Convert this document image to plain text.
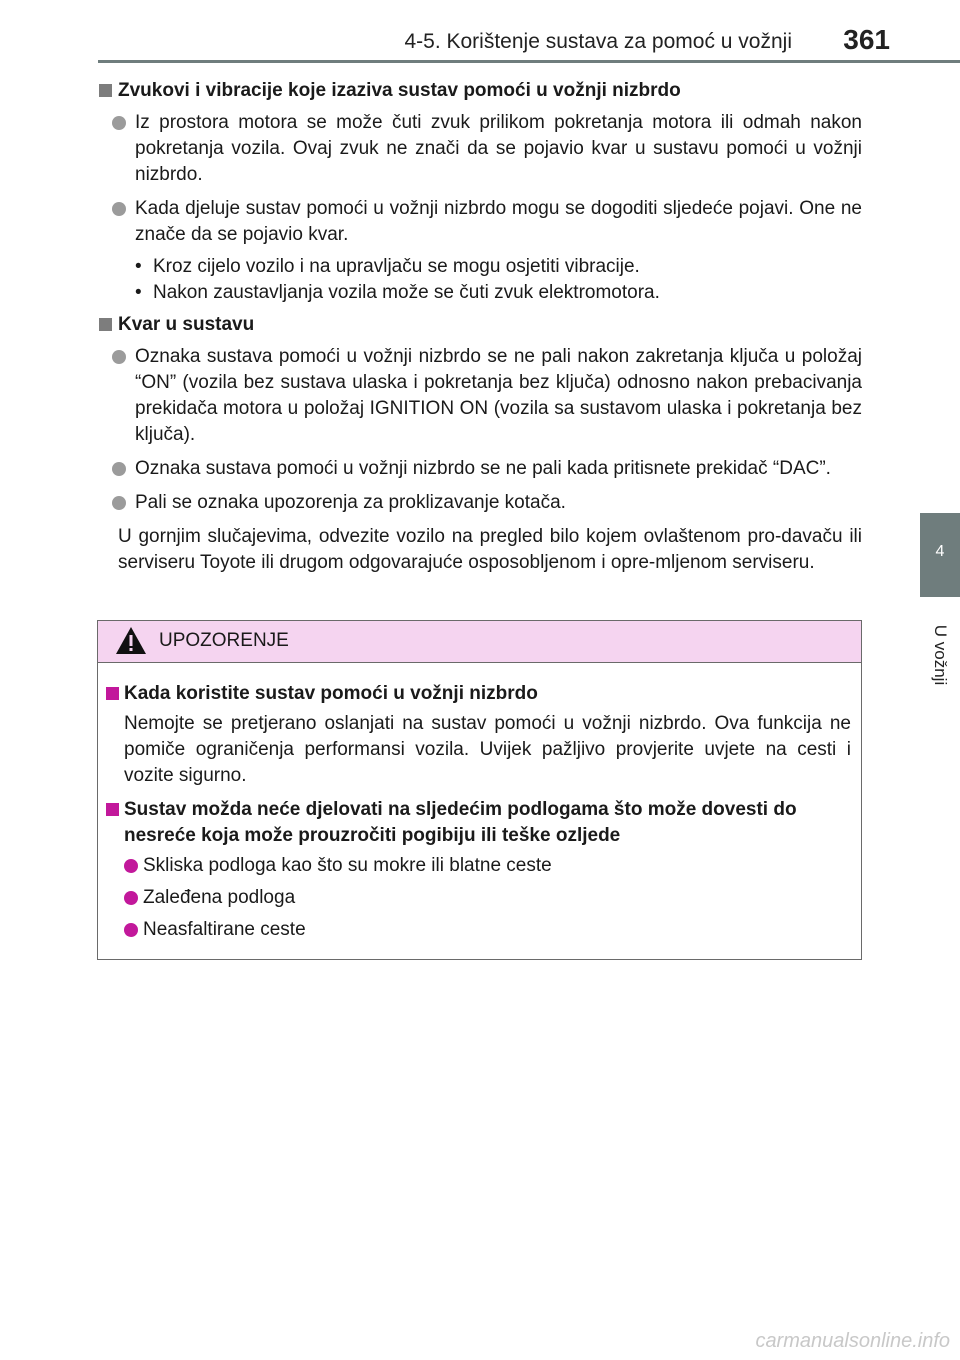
4-5. Korištenje sustava za pomoć u vožnji 361
4
U vožnji
Zvukovi i vibracije koje izaziva sustav pomoći u vožnji nizbrdo
Iz prostora motora se može čuti zvuk prilikom pokretanja motora ili odmah nakon pokretanja vozila. Ovaj zvuk ne znači da se pojavio kvar u sustavu pomoći u vožnji nizbrdo.
Kada djeluje sustav pomoći u vožnji nizbrdo mogu se dogoditi sljedeće pojavi. One ne znače da se pojavio kvar.
• Kroz cijelo vozilo i na upravljaču se mogu osjetiti vibracije.
• Nakon zaustavljanja vozila može se čuti zvuk elektromotora.
Kvar u sustavu
Oznaka sustava pomoći u vožnji nizbrdo se ne pali nakon zakretanja ključa u položaj “ON” (vozila bez sustava ulaska i pokretanja bez ključa) odnosno nakon prebacivanja prekidača motora u položaj IGNITION ON (vozila sa sustavom ulaska i pokretanja bez ključa).
Oznaka sustava pomoći u vožnji nizbrdo se ne pali kada pritisnete prekidač “DAC”.
Pali se oznaka upozorenja za proklizavanje kotača.
U gornjim slučajevima, odvezite vozilo na pregled bilo kojem ovlaštenom pro-davaču ili serviseru Toyote ili drugom odgovarajuće osposobljenom i opre-mljenom serviseru.
UPOZORENJE
Kada koristite sustav pomoći u vožnji nizbrdo
Nemojte se pretjerano oslanjati na sustav pomoći u vožnji nizbrdo. Ova funkcija ne pomiče ograničenja performansi vozila. Uvijek pažljivo provjerite uvjete na cesti i vozite sigurno.
Sustav možda neće djelovati na sljedećim podlogama što može dovesti do nesreće koja može prouzročiti pogibiju ili teške ozljede
Skliska podloga kao što su mokre ili blatne ceste
Zaleđena podloga
Neasfaltirane ceste
carmanualsonline.info
